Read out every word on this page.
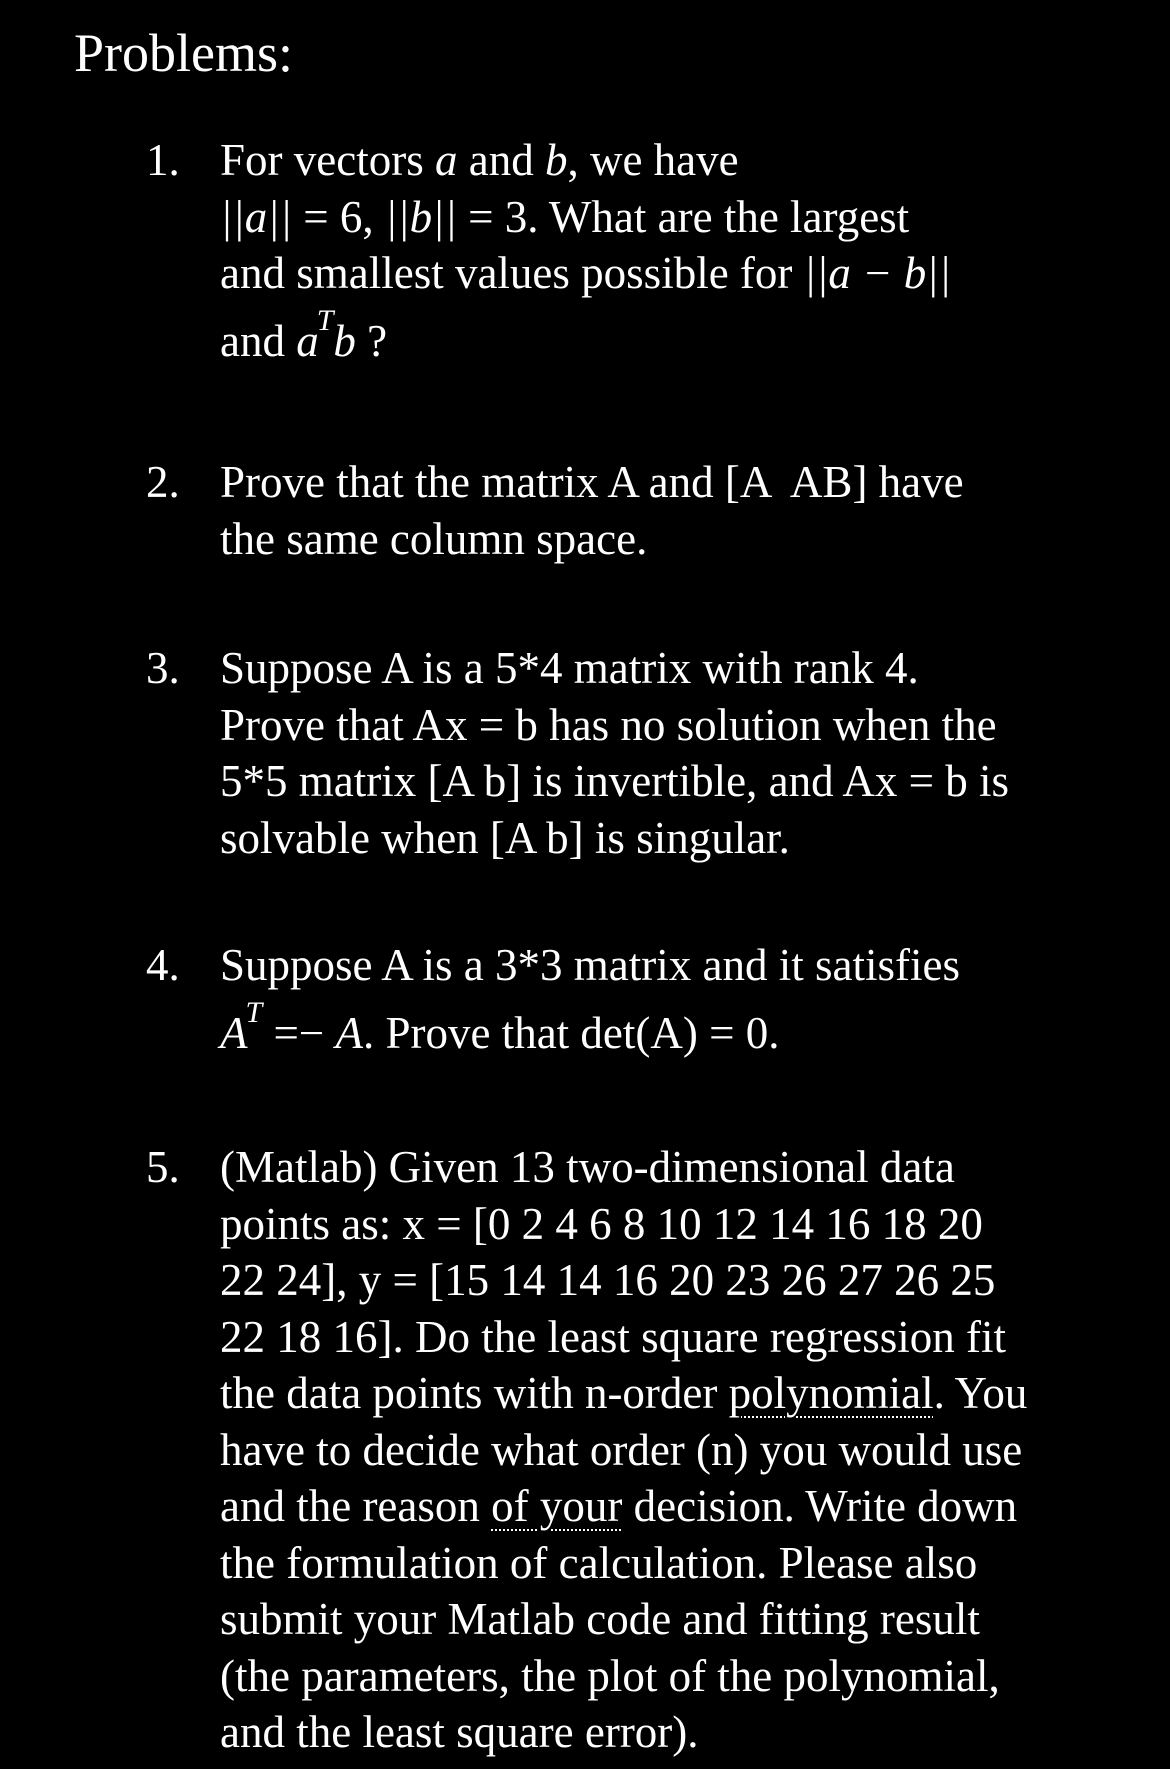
Problems:
1. For vectors a and b, we have
||a|| = 6, ||b|| = 3. What are the largest
and smallest values possible for ||a − b||
and $a^Tb$ ?
2. Prove that the matrix A and [A  AB] have
the same column space.
3. Suppose A is a 5*4 matrix with rank 4.
Prove that Ax = b has no solution when the
5*5 matrix [A b] is invertible, and Ax = b is
solvable when [A b] is singular.
4. Suppose A is a 3*3 matrix and it satisfies
$A^T =- A$. Prove that det(A) = 0.
5. (Matlab) Given 13 two-dimensional data
points as: x = [0 2 4 6 8 10 12 14 16 18 20
22 24], y = [15 14 14 16 20 23 26 27 26 25
22 18 16]. Do the least square regression fit
the data points with n-order polynomial. You
have to decide what order (n) you would use
and the reason of your decision. Write down
the formulation of calculation. Please also
submit your Matlab code and fitting result
(the parameters, the plot of the polynomial,
and the least square error).
